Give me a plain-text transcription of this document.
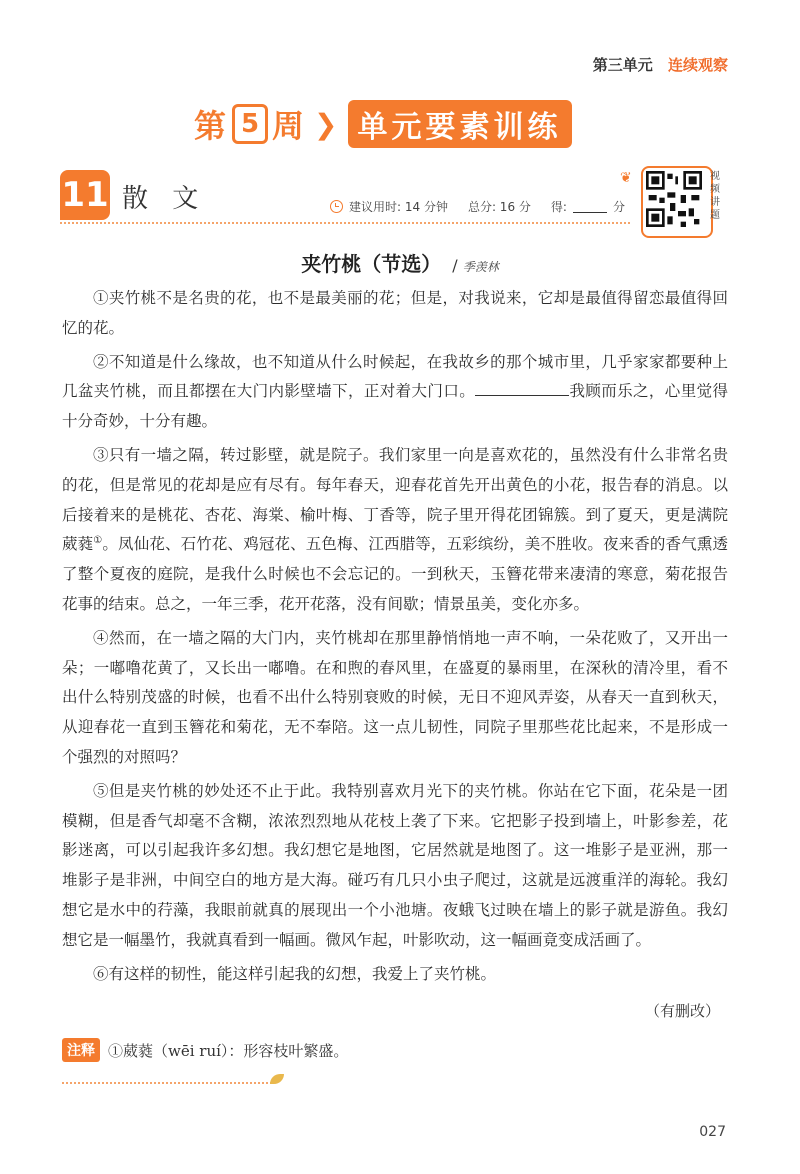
第三单元 连续观察
第 5 周 ❯ 单元要素训练
11 散 文	建议用时: 14 分钟 总分: 16 分 得:	分
❦	视
频
讲
题
夹竹桃（节选） / 季羡林

①夹竹桃不是名贵的花，也不是最美丽的花；但是，对我说来，它却是最值得留恋最值得回忆的花。

②不知道是什么缘故，也不知道从什么时候起，在我故乡的那个城市里，几乎家家都要种上几盆夹竹桃，而且都摆在大门内影壁墙下，正对着大门口。	我顾而乐之，心里觉得十分奇妙，十分有趣。

③只有一墙之隔，转过影壁，就是院子。我们家里一向是喜欢花的，虽然没有什么非常名贵的花，但是常见的花却是应有尽有。每年春天，迎春花首先开出黄色的小花，报告春的消息。以后接着来的是桃花、杏花、海棠、榆叶梅、丁香等，院子里开得花团锦簇。到了夏天，更是满院葳蕤①。凤仙花、石竹花、鸡冠花、五色梅、江西腊等，五彩缤纷，美不胜收。夜来香的香气熏透了整个夏夜的庭院，是我什么时候也不会忘记的。一到秋天，玉簪花带来凄清的寒意，菊花报告花事的结束。总之，一年三季，花开花落，没有间歇；情景虽美，变化亦多。

④然而，在一墙之隔的大门内，夹竹桃却在那里静悄悄地一声不响，一朵花败了，又开出一朵；一嘟噜花黄了，又长出一嘟噜。在和煦的春风里，在盛夏的暴雨里，在深秋的清冷里，看不出什么特别茂盛的时候，也看不出什么特别衰败的时候，无日不迎风弄姿，从春天一直到秋天，从迎春花一直到玉簪花和菊花，无不奉陪。这一点儿韧性，同院子里那些花比起来，不是形成一个强烈的对照吗？

⑤但是夹竹桃的妙处还不止于此。我特别喜欢月光下的夹竹桃。你站在它下面，花朵是一团模糊，但是香气却毫不含糊，浓浓烈烈地从花枝上袭了下来。它把影子投到墙上，叶影参差，花影迷离，可以引起我许多幻想。我幻想它是地图，它居然就是地图了。这一堆影子是亚洲，那一堆影子是非洲，中间空白的地方是大海。碰巧有几只小虫子爬过，这就是远渡重洋的海轮。我幻想它是水中的荇藻，我眼前就真的展现出一个小池塘。夜蛾飞过映在墙上的影子就是游鱼。我幻想它是一幅墨竹，我就真看到一幅画。微风乍起，叶影吹动，这一幅画竟变成活画了。

⑥有这样的韧性，能这样引起我的幻想，我爱上了夹竹桃。

（有删改）
注释 ①葳蕤（wēi ruí）：形容枝叶繁盛。
027
